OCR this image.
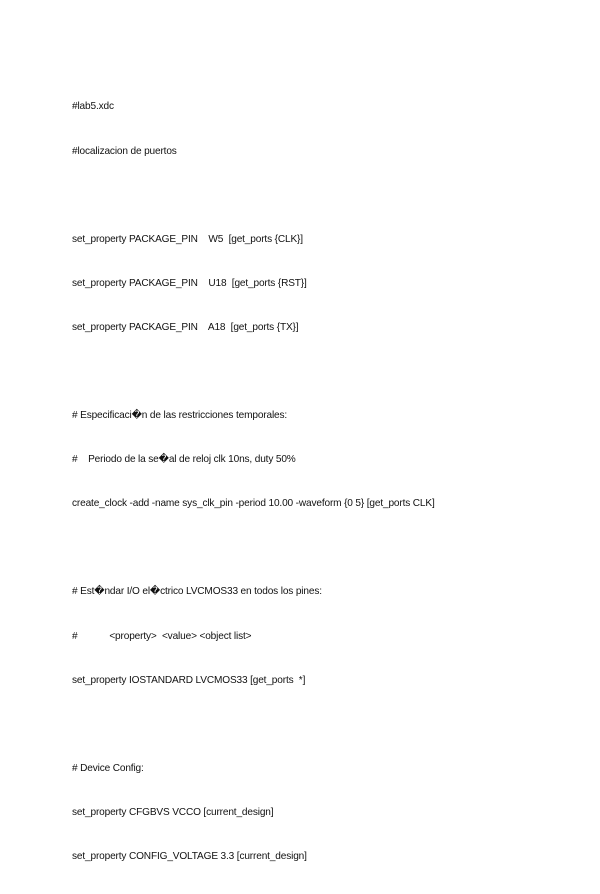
#lab5.xdc

#localizacion de puertos

set_property PACKAGE_PIN    W5  [get_ports {CLK}]

set_property PACKAGE_PIN    U18  [get_ports {RST}]

set_property PACKAGE_PIN    A18  [get_ports {TX}]

# Especificaci�n de las restricciones temporales:

#    Periodo de la se�al de reloj clk 10ns, duty 50%

create_clock -add -name sys_clk_pin -period 10.00 -waveform {0 5} [get_ports CLK]

# Est�ndar I/O el�ctrico LVCMOS33 en todos los pines:

#            <property>  <value> <object list>

set_property IOSTANDARD LVCMOS33 [get_ports  *]

# Device Config:

set_property CFGBVS VCCO [current_design]

set_property CONFIG_VOLTAGE 3.3 [current_design]
